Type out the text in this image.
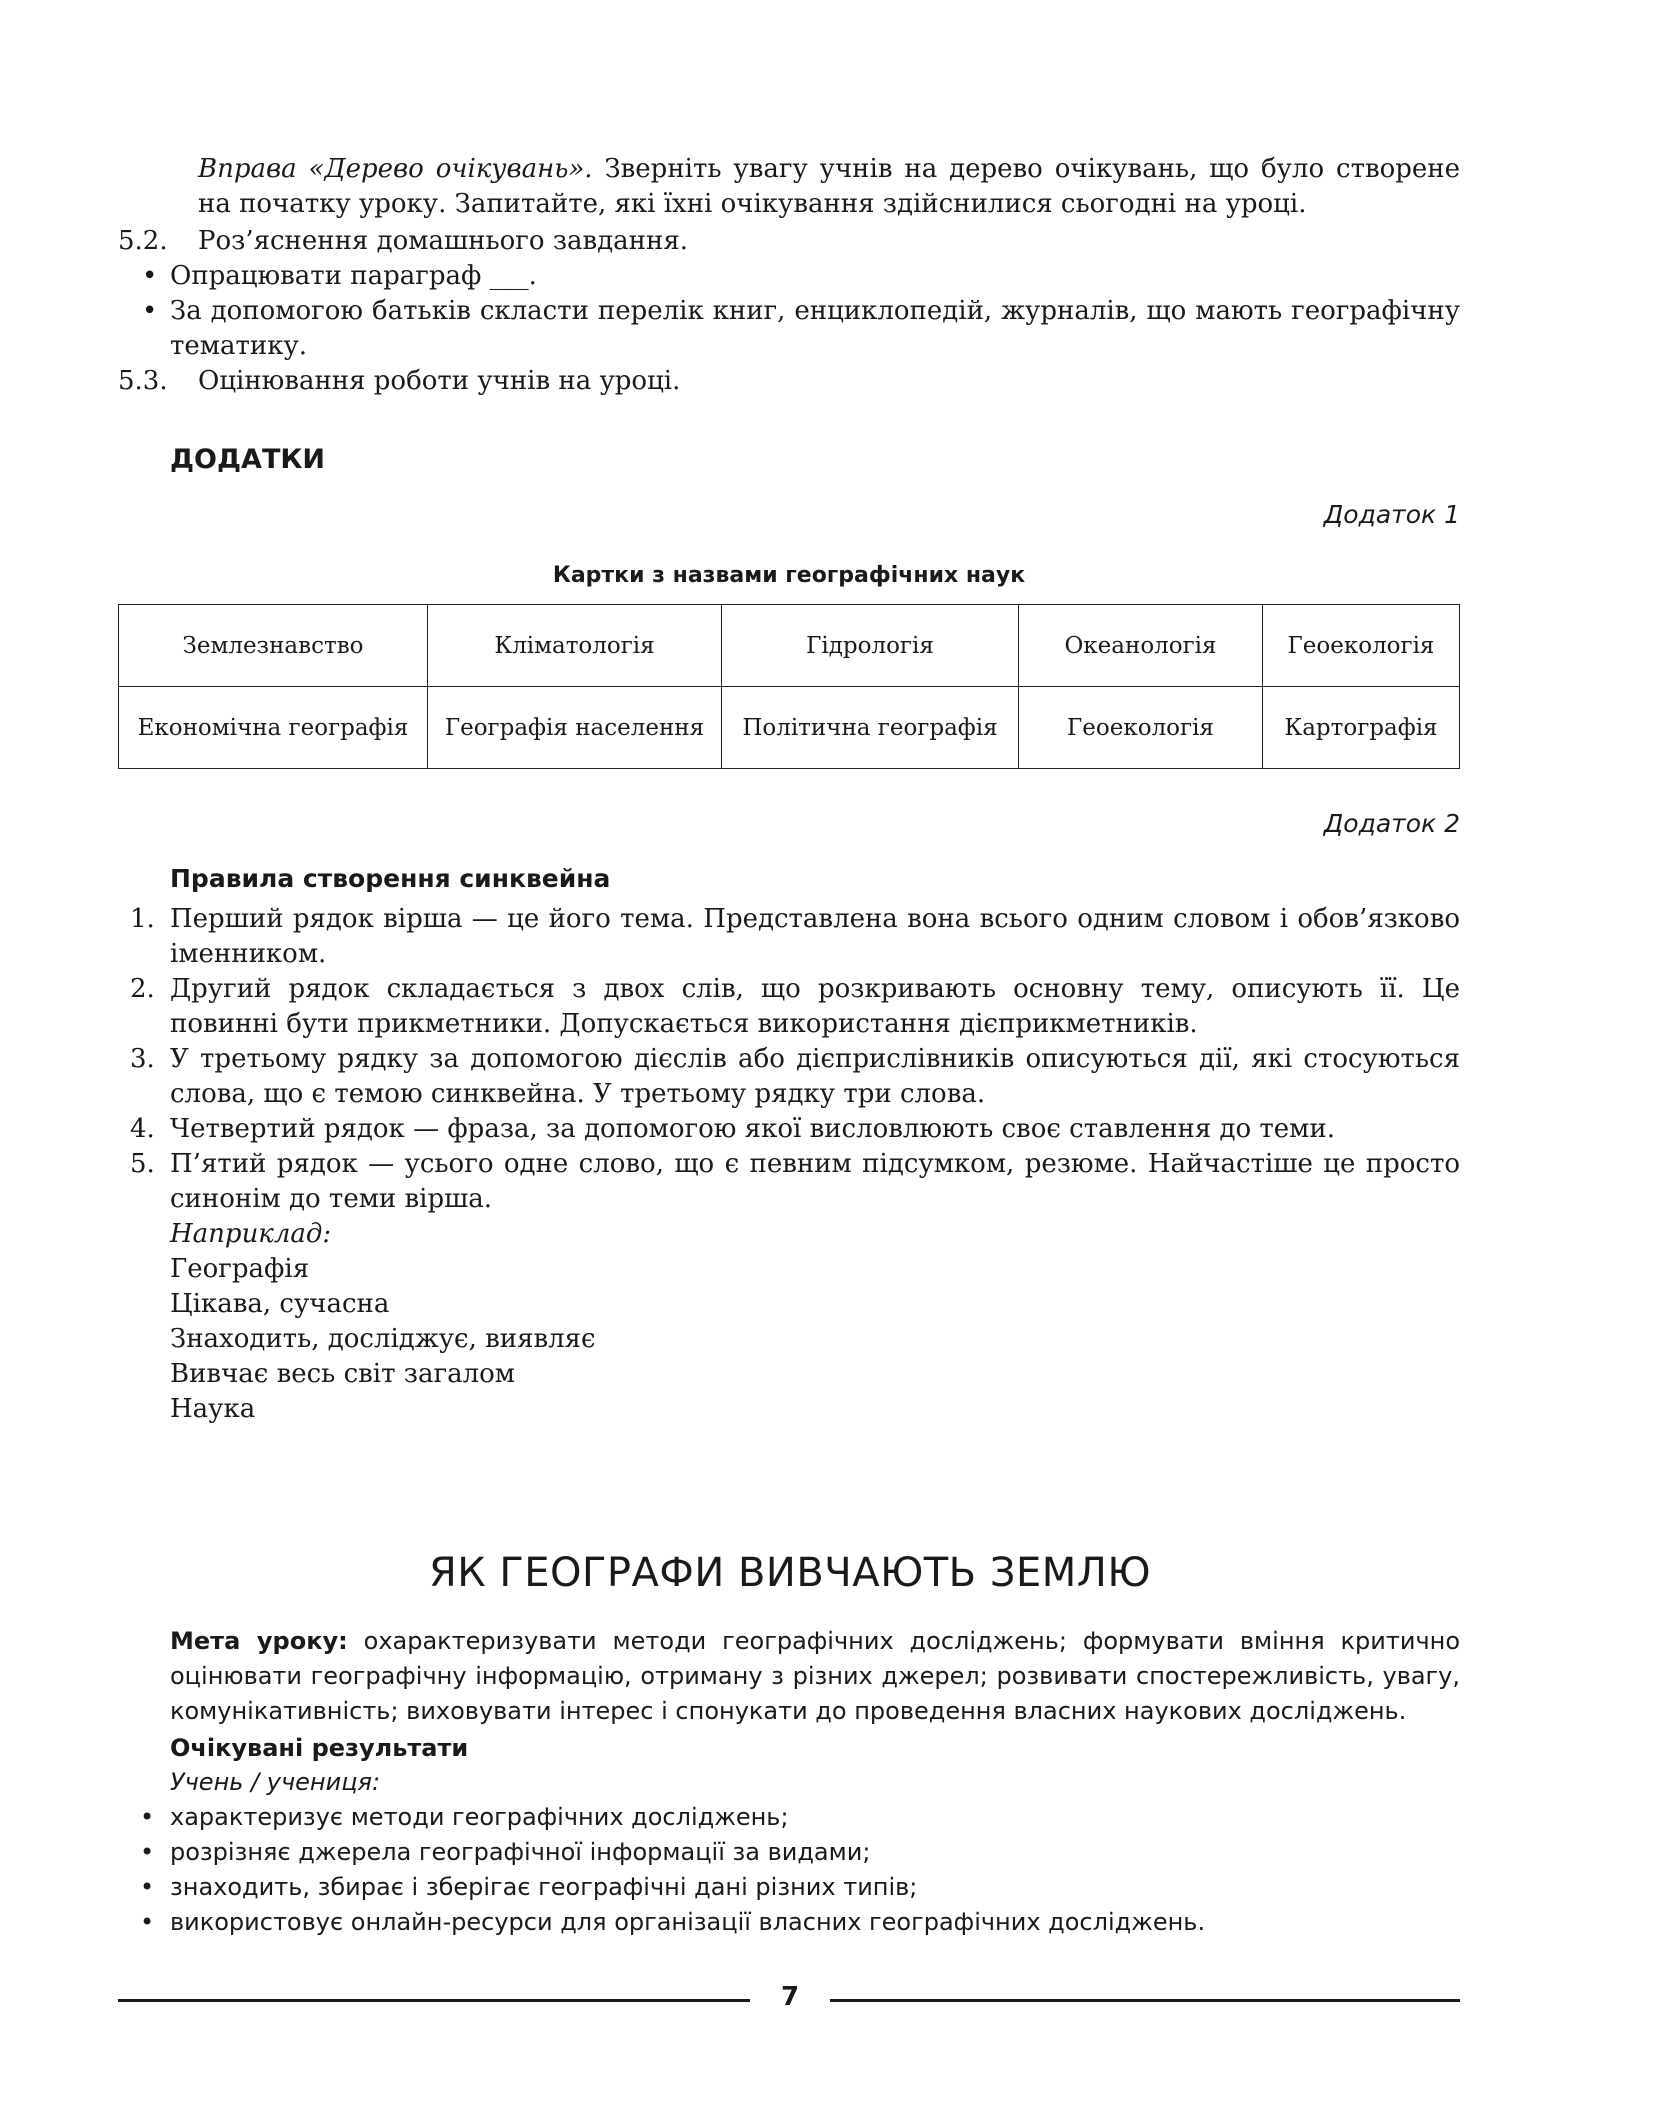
Вправа «Дерево очікувань». Зверніть увагу учнів на дерево очікувань, що було створене на початку уроку. Запитайте, які їхні очікування здійснилися сьогодні на уроці.
5.2.	Роз’яснення домашнього завдання.
• Опрацювати параграф ___.
• За допомогою батьків скласти перелік книг, енциклопедій, журналів, що мають географічну тематику.
5.3.	Оцінювання роботи учнів на уроці.
ДОДАТКИ
Додаток 1
Картки з назвами географічних наук
Землезнавство	Кліматологія	Гідрологія	Океанологія	Геоекологія
Економічна географія	Географія населення	Політична географія	Геоекологія	Картографія
Додаток 2
Правила створення синквейна
1. Перший рядок вірша — це його тема. Представлена вона всього одним словом і обов’язково іменником.
2. Другий рядок складається з двох слів, що розкривають основну тему, описують її. Це повинні бути прикметники. Допускається використання дієприкметників.
3. У третьому рядку за допомогою дієслів або дієприслівників описуються дії, які стосуються слова, що є темою синквейна. У третьому рядку три слова.
4. Четвертий рядок — фраза, за допомогою якої висловлюють своє ставлення до теми.
5. П’ятий рядок — усього одне слово, що є певним підсумком, резюме. Найчастіше це просто синонім до теми вірша.
Наприклад:
Географія
Цікава, сучасна
Знаходить, досліджує, виявляє
Вивчає весь світ загалом
Наука
ЯК ГЕОГРАФИ ВИВЧАЮТЬ ЗЕМЛЮ
Мета уроку: охарактеризувати методи географічних досліджень; формувати вміння критично оцінювати географічну інформацію, отриману з різних джерел; розвивати спостережливість, увагу, комунікативність; виховувати інтерес і спонукати до проведення власних наукових досліджень.
Очікувані результати
Учень / учениця:
• характеризує методи географічних досліджень;
• розрізняє джерела географічної інформації за видами;
• знаходить, збирає і зберігає географічні дані різних типів;
• використовує онлайн-ресурси для організації власних географічних досліджень.
7
